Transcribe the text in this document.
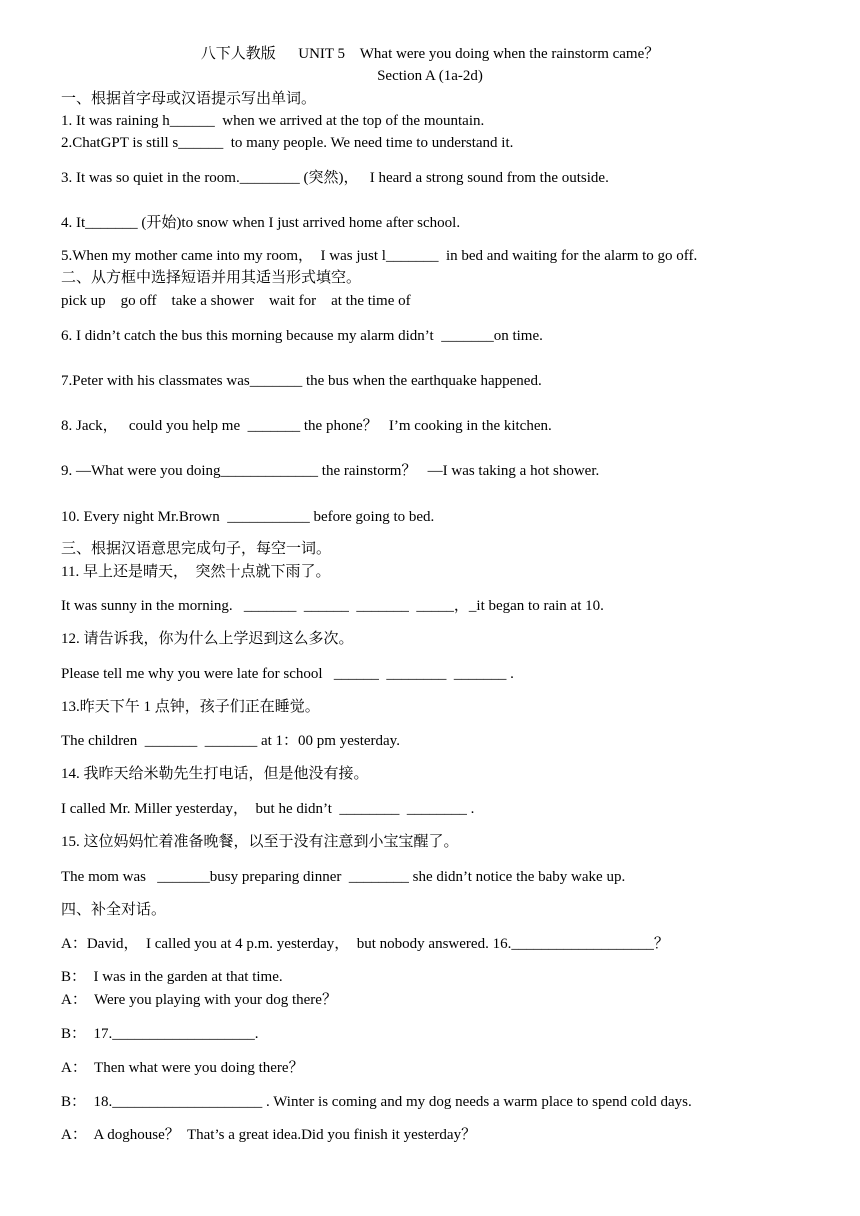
八下人教版      UNIT 5    What were you doing when the rainstorm came？
Section A (1a-2d)
一、根据首字母或汉语提示写出单词。
1. It was raining h______  when we arrived at the top of the mountain.
2.ChatGPT is still s______  to many people. We need time to understand it.
3. It was so quiet in the room.________ (突然)，   I heard a strong sound from the outside.
4. It_______ (开始)to snow when I just arrived home after school.
5.When my mother came into my room，  I was just l_______  in bed and waiting for the alarm to go off.
二、从方框中选择短语并用其适当形式填空。
pick up    go off    take a shower    wait for    at the time of
6. I didn’t catch the bus this morning because my alarm didn’t  _______on time.
7.Peter with his classmates was_______ the bus when the earthquake happened.
8. Jack，   could you help me  _______ the phone？   I’m cooking in the kitchen.
9. —What were you doing_____________ the rainstorm？   —I was taking a hot shower.
10. Every night Mr.Brown  ___________ before going to bed.
三、根据汉语意思完成句子，每空一词。
11. 早上还是晴天，  突然十点就下雨了。
It was sunny in the morning.   _______  ______  _______  _____，_it began to rain at 10.
12. 请告诉我，你为什么上学迟到这么多次。
Please tell me why you were late for school   ______  ________  _______ .
13.昨天下午 1 点钟，孩子们正在睡觉。
The children  _______  _______ at 1：00 pm yesterday.
14. 我昨天给米勒先生打电话，但是他没有接。
I called Mr. Miller yesterday，  but he didn’t  ________  ________ .
15. 这位妈妈忙着准备晚餐，以至于没有注意到小宝宝醒了。
The mom was   _______busy preparing dinner  ________ she didn’t notice the baby wake up.
四、补全对话。
A：David，  I called you at 4 p.m. yesterday，  but nobody answered. 16.___________________？
B：  I was in the garden at that time.
A：  Were you playing with your dog there？
B：  17.___________________.
A：  Then what were you doing there？
B：  18.____________________ . Winter is coming and my dog needs a warm place to spend cold days.
A：  A doghouse？  That’s a great idea.Did you finish it yesterday？
